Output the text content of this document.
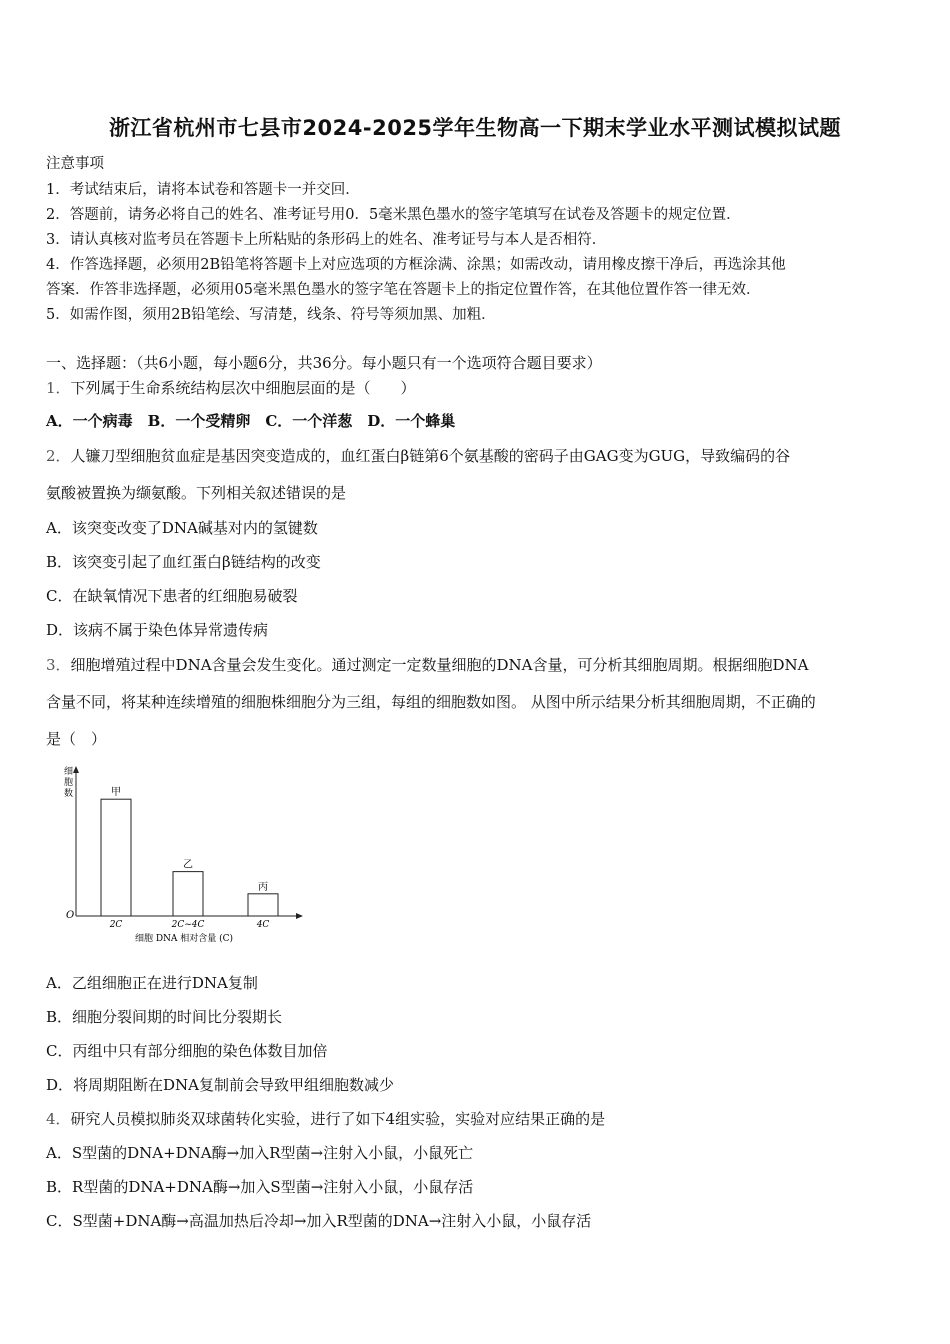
浙江省杭州市七县市2024-2025学年生物高一下期末学业水平测试模拟试题
注意事项
1．考试结束后，请将本试卷和答题卡一并交回．
2．答题前，请务必将自己的姓名、准考证号用0．5毫米黑色墨水的签字笔填写在试卷及答题卡的规定位置．
3．请认真核对监考员在答题卡上所粘贴的条形码上的姓名、准考证号与本人是否相符．
4．作答选择题，必须用2B铅笔将答题卡上对应选项的方框涂满、涂黑；如需改动，请用橡皮擦干净后，再选涂其他
答案．作答非选择题，必须用05毫米黑色墨水的签字笔在答题卡上的指定位置作答，在其他位置作答一律无效．
5．如需作图，须用2B铅笔绘、写清楚，线条、符号等须加黑、加粗．
一、选择题：（共6小题，每小题6分，共36分。每小题只有一个选项符合题目要求）
1．下列属于生命系统结构层次中细胞层面的是（　　）
A．一个病毒　B．一个受精卵　C．一个洋葱　D．一个蜂巢
2．人镰刀型细胞贫血症是基因突变造成的，血红蛋白β链第6个氨基酸的密码子由GAG变为GUG，导致编码的谷
氨酸被置换为缬氨酸。下列相关叙述错误的是
A．该突变改变了DNA碱基对内的氢键数
B．该突变引起了血红蛋白β链结构的改变
C．在缺氧情况下患者的红细胞易破裂
D．该病不属于染色体异常遗传病
3．细胞增殖过程中DNA含量会发生变化。通过测定一定数量细胞的DNA含量，可分析其细胞周期。根据细胞DNA
含量不同，将某种连续增殖的细胞株细胞分为三组，每组的细胞数如图。 从图中所示结果分析其细胞周期，不正确的
是（　）
细胞数
O
甲
2C
乙
2C~4C
丙
4C
细胞 DNA 相对含量 (C)
A．乙组细胞正在进行DNA复制
B．细胞分裂间期的时间比分裂期长
C．丙组中只有部分细胞的染色体数目加倍
D．将周期阻断在DNA复制前会导致甲组细胞数减少
4．研究人员模拟肺炎双球菌转化实验，进行了如下4组实验，实验对应结果正确的是
A．S型菌的DNA+DNA酶→加入R型菌→注射入小鼠，小鼠死亡
B．R型菌的DNA+DNA酶→加入S型菌→注射入小鼠，小鼠存活
C．S型菌+DNA酶→高温加热后冷却→加入R型菌的DNA→注射入小鼠，小鼠存活
